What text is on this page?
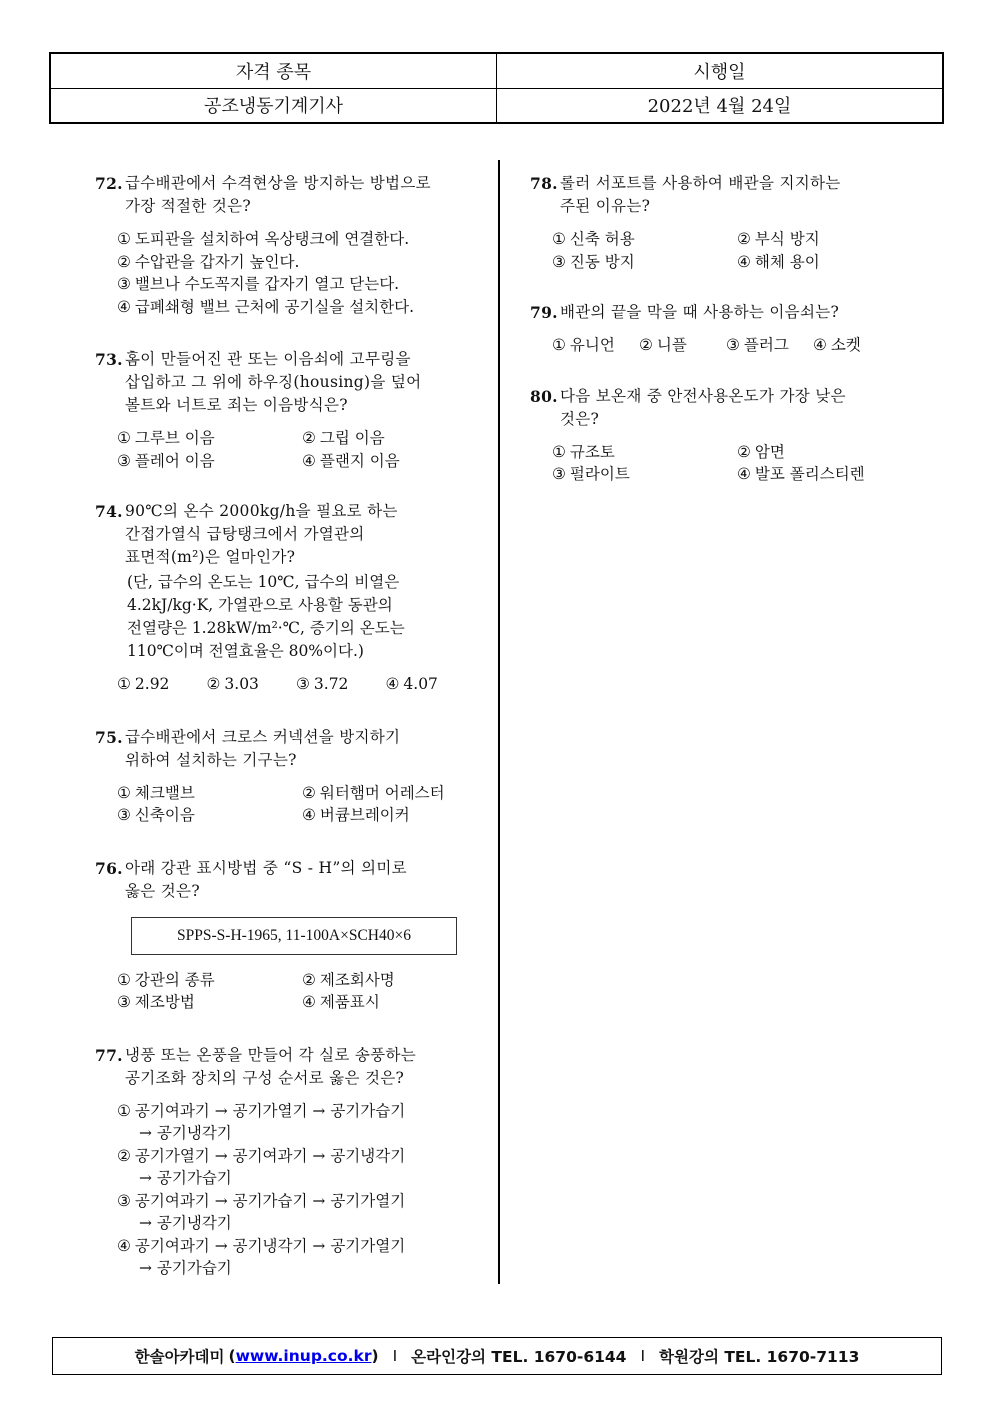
자격 종목	시행일
공조냉동기계기사	2022년 4월 24일
72. 급수배관에서 수격현상을 방지하는 방법으로
가장 적절한 것은?
① 도피관을 설치하여 옥상탱크에 연결한다.
② 수압관을 갑자기 높인다.
③ 밸브나 수도꼭지를 갑자기 열고 닫는다.
④ 급폐쇄형 밸브 근처에 공기실을 설치한다.
73. 홈이 만들어진 관 또는 이음쇠에 고무링을
삽입하고 그 위에 하우징(housing)을 덮어
볼트와 너트로 죄는 이음방식은?
① 그루브 이음	② 그립 이음
③ 플레어 이음	④ 플랜지 이음
74. 90℃의 온수 2000kg/h을 필요로 하는
간접가열식 급탕탱크에서 가열관의
표면적(m²)은 얼마인가?
(단, 급수의 온도는 10℃, 급수의 비열은
4.2kJ/kg·K, 가열관으로 사용할 동관의
전열량은 1.28kW/m²·℃, 증기의 온도는
110℃이며 전열효율은 80%이다.)
① 2.92	② 3.03	③ 3.72	④ 4.07
75. 급수배관에서 크로스 커넥션을 방지하기
위하여 설치하는 기구는?
① 체크밸브	② 워터햄머 어레스터
③ 신축이음	④ 버큠브레이커
76. 아래 강관 표시방법 중 “S - H”의 의미로
옳은 것은?
SPPS-S-H-1965, 11-100A×SCH40×6
① 강관의 종류	② 제조회사명
③ 제조방법	④ 제품표시
77. 냉풍 또는 온풍을 만들어 각 실로 송풍하는
공기조화 장치의 구성 순서로 옳은 것은?
① 공기여과기 → 공기가열기 → 공기가습기
→ 공기냉각기
② 공기가열기 → 공기여과기 → 공기냉각기
→ 공기가습기
③ 공기여과기 → 공기가습기 → 공기가열기
→ 공기냉각기
④ 공기여과기 → 공기냉각기 → 공기가열기
→ 공기가습기
78. 롤러 서포트를 사용하여 배관을 지지하는
주된 이유는?
① 신축 허용	② 부식 방지
③ 진동 방지	④ 해체 용이
79. 배관의 끝을 막을 때 사용하는 이음쇠는?
① 유니언	② 니플	③ 플러그	④ 소켓
80. 다음 보온재 중 안전사용온도가 가장 낮은
것은?
① 규조토	② 암면
③ 펄라이트	④ 발포 폴리스티렌
한솔아카데미 ( www.inup.co.kr ) I 온라인강의 TEL. 1670-6144 I 학원강의 TEL. 1670-7113
